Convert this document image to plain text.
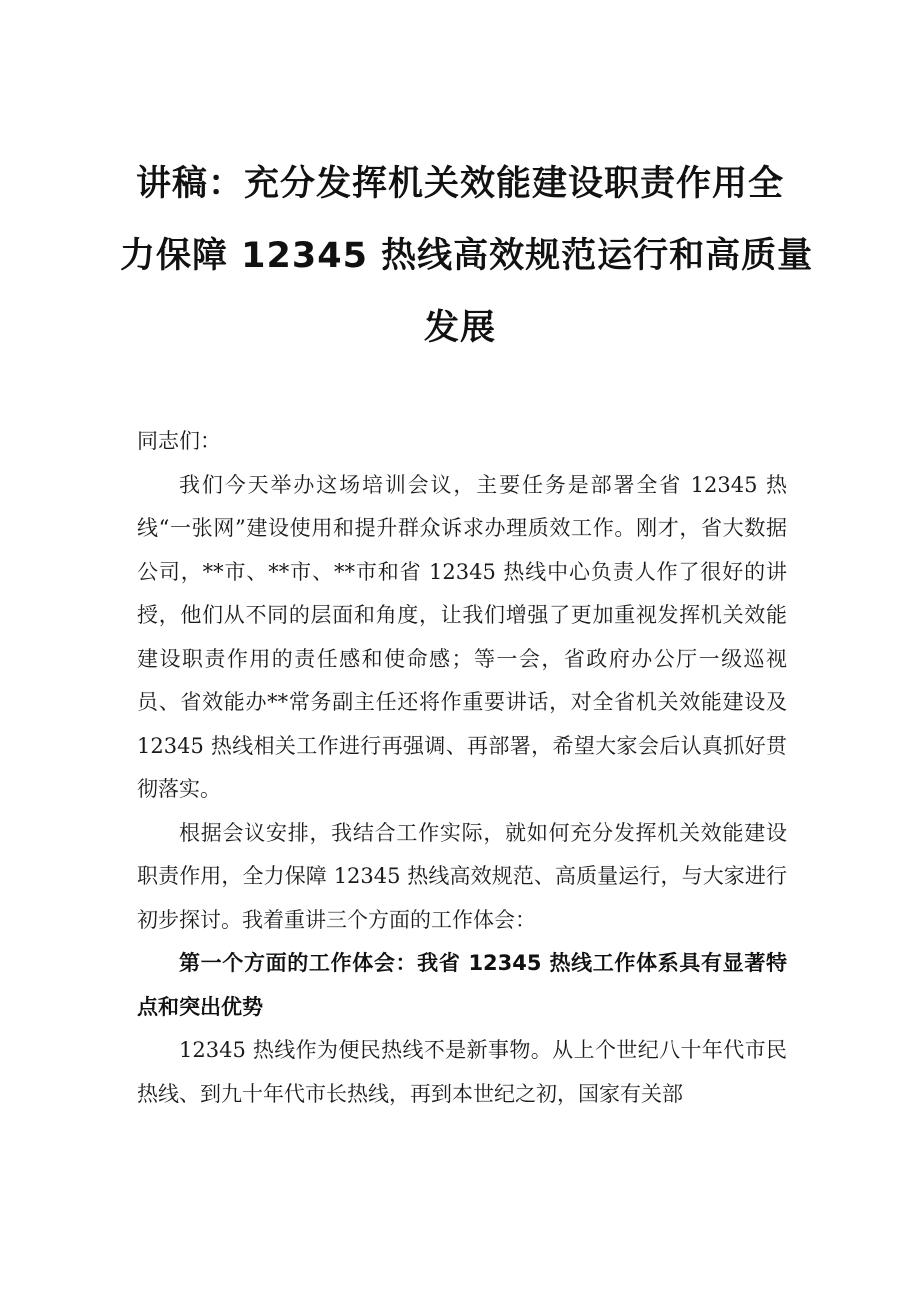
讲稿：充分发挥机关效能建设职责作用全
力保障 12345 热线高效规范运行和高质量
发展

同志们：

我们今天举办这场培训会议，主要任务是部署全省 12345 热线“一张网”建设使用和提升群众诉求办理质效工作。刚才，省大数据公司，**市、**市、**市和省 12345 热线中心负责人作了很好的讲授，他们从不同的层面和角度，让我们增强了更加重视发挥机关效能建设职责作用的责任感和使命感；等一会，省政府办公厅一级巡视员、省效能办**常务副主任还将作重要讲话，对全省机关效能建设及 12345 热线相关工作进行再强调、再部署，希望大家会后认真抓好贯彻落实。

根据会议安排，我结合工作实际，就如何充分发挥机关效能建设职责作用，全力保障 12345 热线高效规范、高质量运行，与大家进行初步探讨。我着重讲三个方面的工作体会：

第一个方面的工作体会：我省 12345 热线工作体系具有显著特点和突出优势

12345 热线作为便民热线不是新事物。从上个世纪八十年代市民热线、到九十年代市长热线，再到本世纪之初，国家有关部
